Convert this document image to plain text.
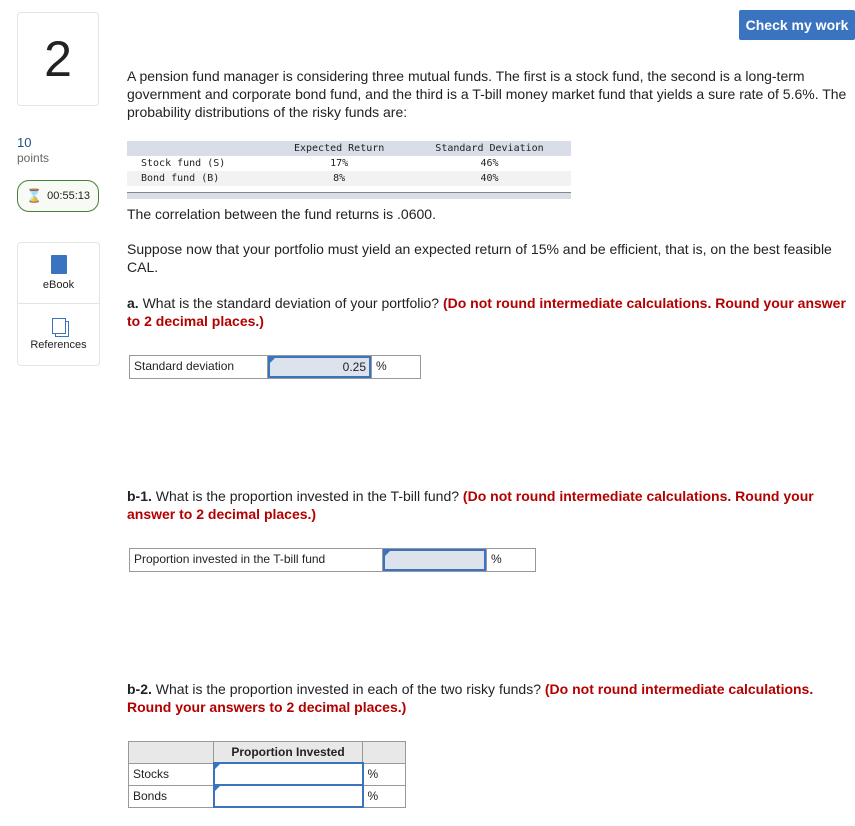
2
10
points
⌛ 00:55:13
eBook
References
Check my work
A pension fund manager is considering three mutual funds. The first is a stock fund, the second is a long-term government and corporate bond fund, and the third is a T-bill money market fund that yields a sure rate of 5.6%. The probability distributions of the risky funds are:
	Expected Return	Standard Deviation
Stock fund (S)	17%	46%
Bond fund (B)	8%	40%
The correlation between the fund returns is .0600.
Suppose now that your portfolio must yield an expected return of 15% and be efficient, that is, on the best feasible CAL.
a. What is the standard deviation of your portfolio? (Do not round intermediate calculations. Round your answer to 2 decimal places.)
Standard deviation	0.25 %
b-1. What is the proportion invested in the T-bill fund? (Do not round intermediate calculations. Round your answer to 2 decimal places.)
Proportion invested in the T-bill fund	%
b-2. What is the proportion invested in each of the two risky funds? (Do not round intermediate calculations. Round your answers to 2 decimal places.)
	Proportion Invested	
Stocks		%
Bonds		%
